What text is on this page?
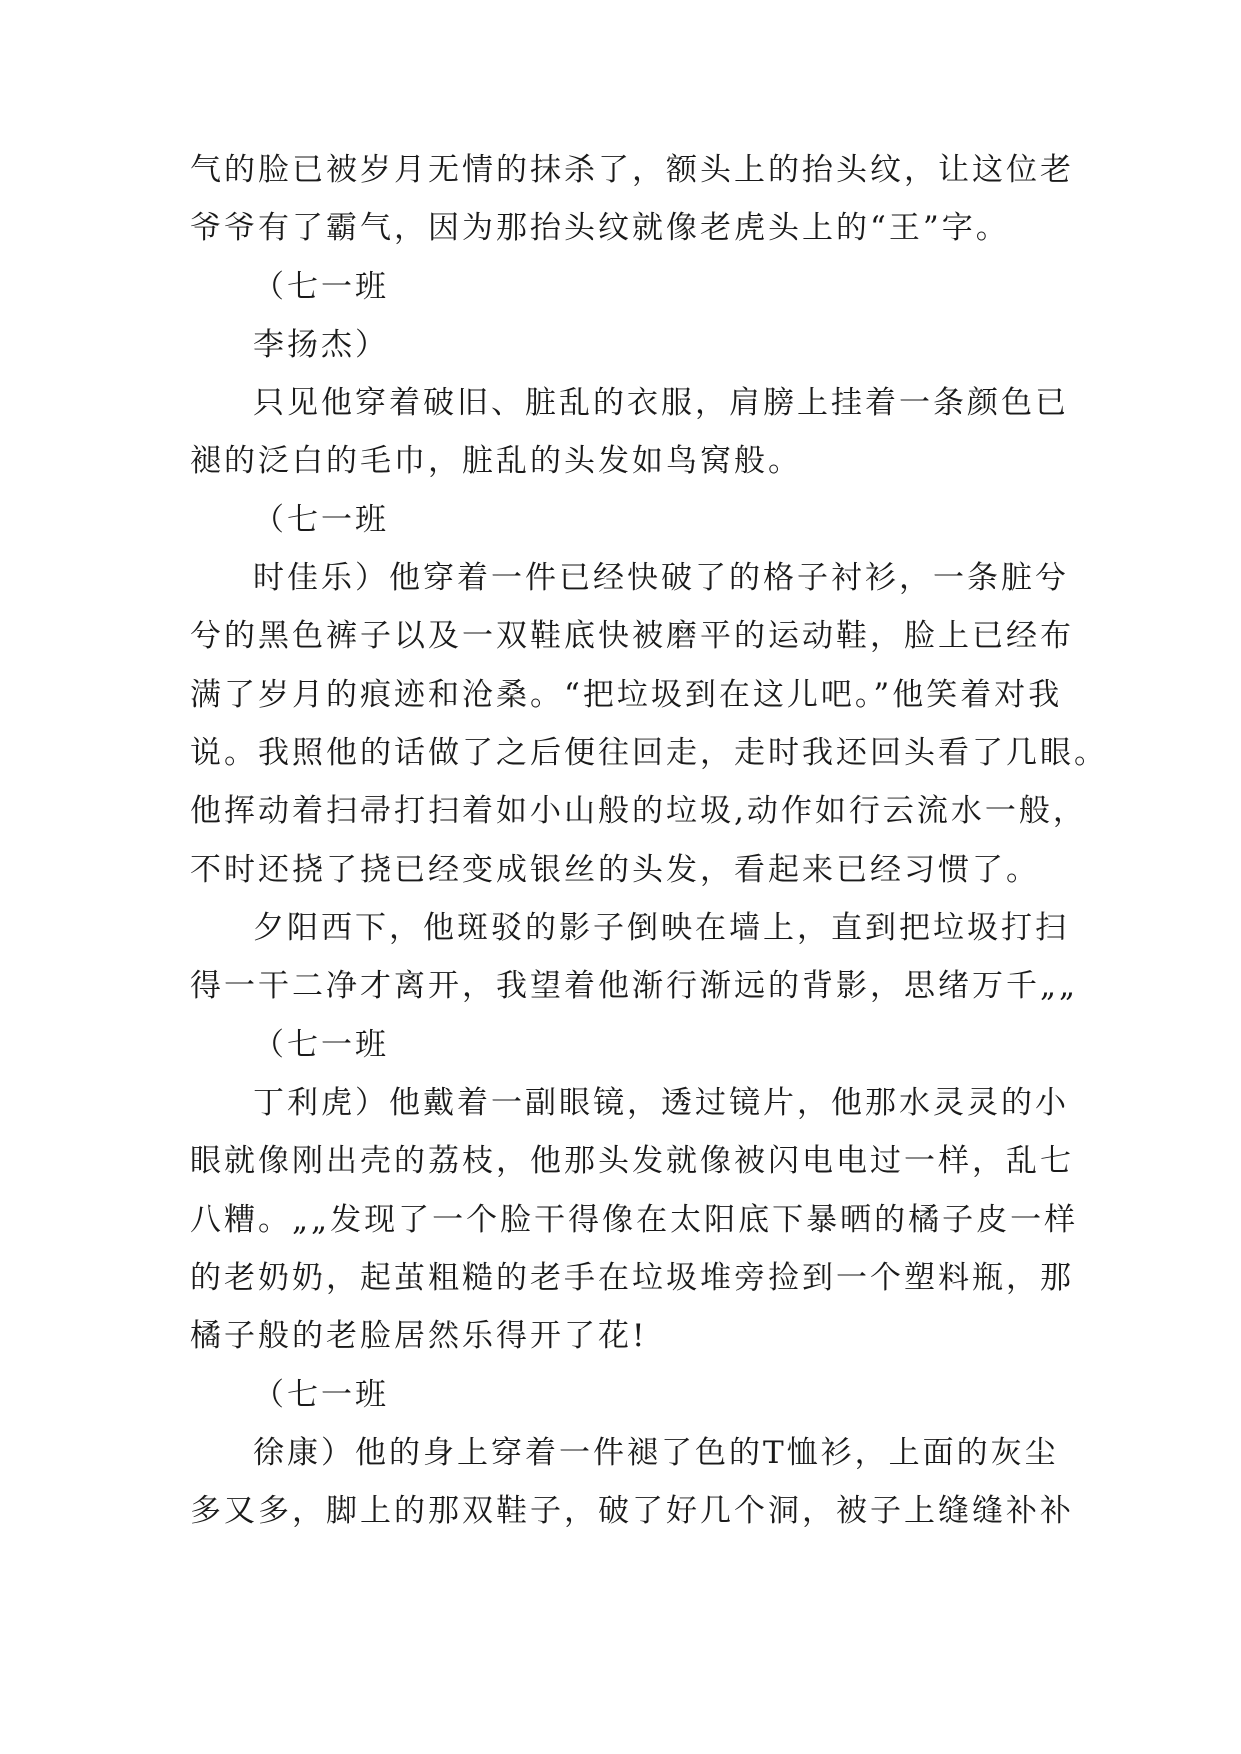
气的脸已被岁月无情的抹杀了，额头上的抬头纹，让这位老
爷爷有了霸气，因为那抬头纹就像老虎头上的“王”字。
（七一班
李扬杰）
只见他穿着破旧、脏乱的衣服，肩膀上挂着一条颜色已
褪的泛白的毛巾，脏乱的头发如鸟窝般。
（七一班
时佳乐）他穿着一件已经快破了的格子衬衫，一条脏兮
兮的黑色裤子以及一双鞋底快被磨平的运动鞋，脸上已经布
满了岁月的痕迹和沧桑。“把垃圾到在这儿吧。”他笑着对我
说。我照他的话做了之后便往回走，走时我还回头看了几眼。
他挥动着扫帚打扫着如小山般的垃圾,动作如行云流水一般，
不时还挠了挠已经变成银丝的头发，看起来已经习惯了。
夕阳西下，他斑驳的影子倒映在墙上，直到把垃圾打扫
得一干二净才离开，我望着他渐行渐远的背影，思绪万千„„
（七一班
丁利虎）他戴着一副眼镜，透过镜片，他那水灵灵的小
眼就像刚出壳的荔枝，他那头发就像被闪电电过一样，乱七
八糟。„„发现了一个脸干得像在太阳底下暴晒的橘子皮一样
的老奶奶，起茧粗糙的老手在垃圾堆旁捡到一个塑料瓶，那
橘子般的老脸居然乐得开了花!
（七一班
徐康）他的身上穿着一件褪了色的T恤衫，上面的灰尘
多又多，脚上的那双鞋子，破了好几个洞，被子上缝缝补补
